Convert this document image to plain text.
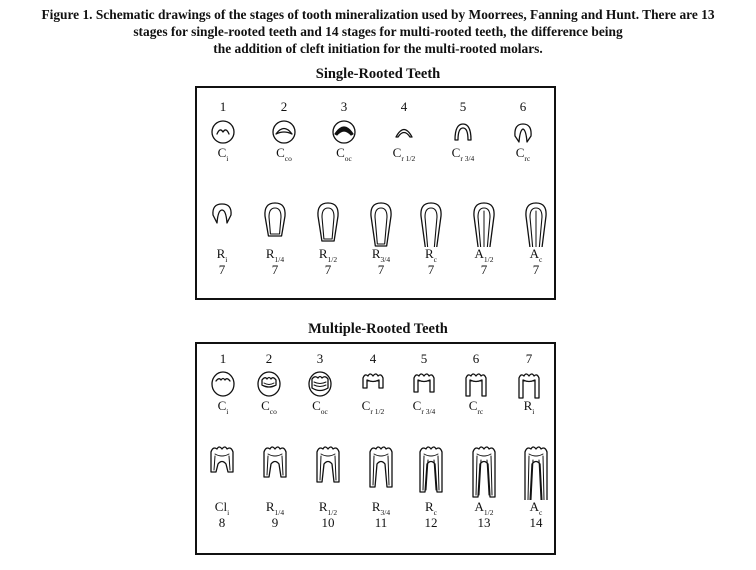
Figure 1. Schematic drawings of the stages of tooth mineralization used by Moorrees, Fanning and Hunt. There are 13
stages for single-rooted teeth and 14 stages for multi-rooted teeth, the difference being
the addition of cleft initiation for the multi-rooted molars.
Single-Rooted Teeth
1
$C_i$
2
$C_{co}$
3
$C_{oc}$
4
$C_{r 1/2}$
5
$C_{r 3/4}$
6
$C_{rc}$
$R_i$
7
$R_{1/4}$
7
$R_{1/2}$
7
$R_{3/4}$
7
$R_c$
7
$A_{1/2}$
7
$A_c$
7
Multiple-Rooted Teeth
1
$C_i$
2
$C_{co}$
3
$C_{oc}$
4
$C_{r 1/2}$
5
$C_{r 3/4}$
6
$C_{rc}$
7
$R_i$
$Cl_i$
8
$R_{1/4}$
9
$R_{1/2}$
10
$R_{3/4}$
11
$R_c$
12
$A_{1/2}$
13
$A_c$
14
